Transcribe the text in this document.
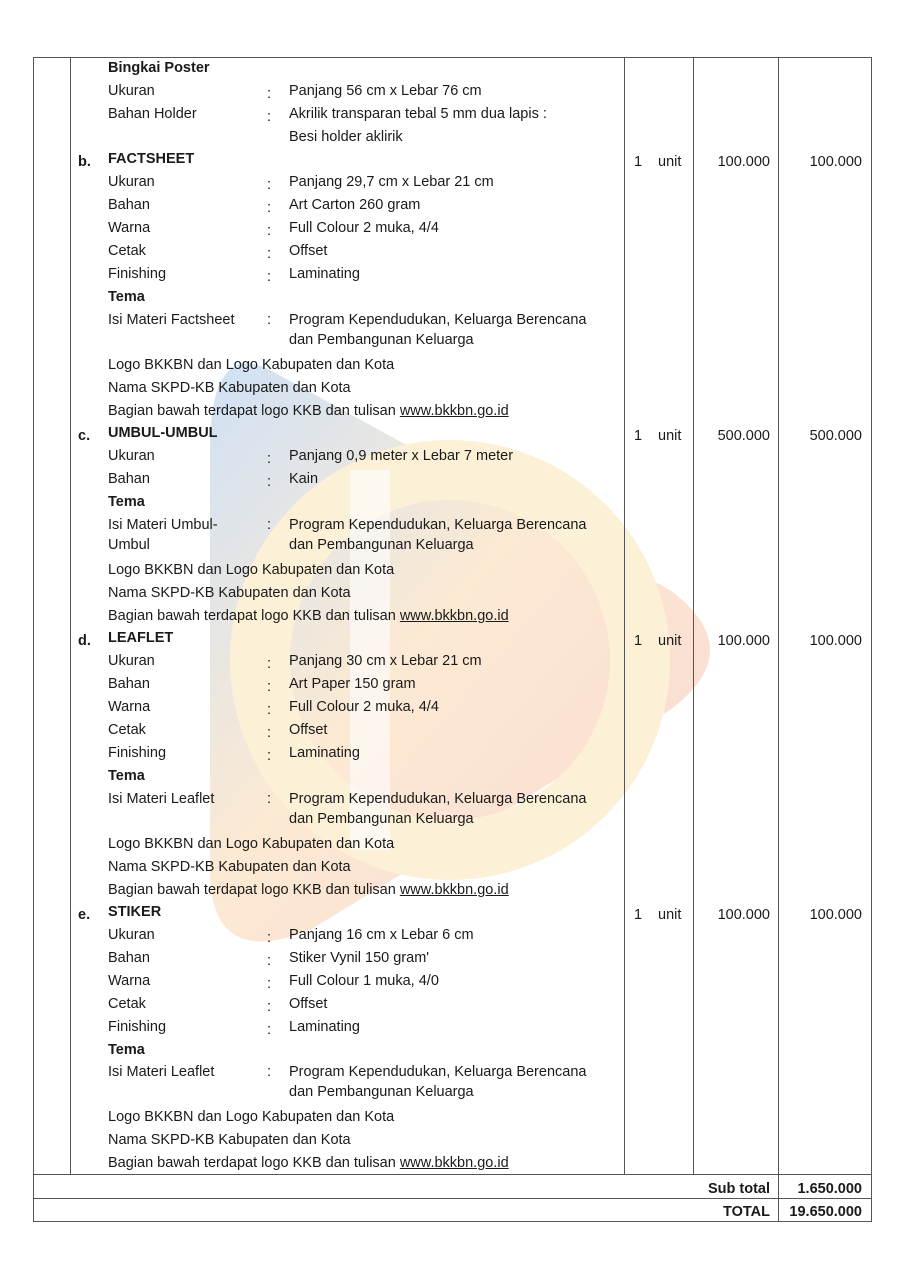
Bingkai Poster
Ukuran	: Panjang 56 cm x Lebar 76 cm
Bahan Holder	: Akrilik transparan tebal 5 mm dua lapis :
Besi holder aklirik
b. FACTSHEET	1 unit	100.000	100.000
Ukuran	: Panjang 29,7 cm x Lebar 21 cm
Bahan	: Art Carton 260 gram
Warna	: Full Colour 2 muka, 4/4
Cetak	: Offset
Finishing	: Laminating
Tema
Isi Materi Factsheet : Program Kependudukan, Keluarga Berencana
dan Pembangunan Keluarga
Logo BKKBN dan Logo Kabupaten dan Kota
Nama SKPD-KB Kabupaten dan Kota
Bagian bawah terdapat logo KKB dan tulisan www.bkkbn.go.id
c. UMBUL-UMBUL	1 unit	500.000	500.000
Ukuran	: Panjang 0,9 meter x Lebar 7 meter
Bahan	: Kain
Tema
Isi Materi Umbul-
Umbul
: Program Kependudukan, Keluarga Berencana
dan Pembangunan Keluarga
Logo BKKBN dan Logo Kabupaten dan Kota
Nama SKPD-KB Kabupaten dan Kota
Bagian bawah terdapat logo KKB dan tulisan www.bkkbn.go.id
d. LEAFLET	1 unit	100.000	100.000
Ukuran	: Panjang 30 cm x Lebar 21 cm
Bahan	: Art Paper 150 gram
Warna	: Full Colour 2 muka, 4/4
Cetak	: Offset
Finishing	: Laminating
Tema
Isi Materi Leaflet	: Program Kependudukan, Keluarga Berencana
dan Pembangunan Keluarga
Logo BKKBN dan Logo Kabupaten dan Kota
Nama SKPD-KB Kabupaten dan Kota
Bagian bawah terdapat logo KKB dan tulisan www.bkkbn.go.id
e. STIKER	1 unit	100.000	100.000
Ukuran	: Panjang 16 cm x Lebar 6 cm
Bahan	: Stiker Vynil 150 gram'
Warna	: Full Colour 1 muka, 4/0
Cetak	: Offset
Finishing	: Laminating
Tema
Isi Materi Leaflet	: Program Kependudukan, Keluarga Berencana
dan Pembangunan Keluarga
Logo BKKBN dan Logo Kabupaten dan Kota
Nama SKPD-KB Kabupaten dan Kota
Bagian bawah terdapat logo KKB dan tulisan www.bkkbn.go.id
Sub total	1.650.000
TOTAL	19.650.000
